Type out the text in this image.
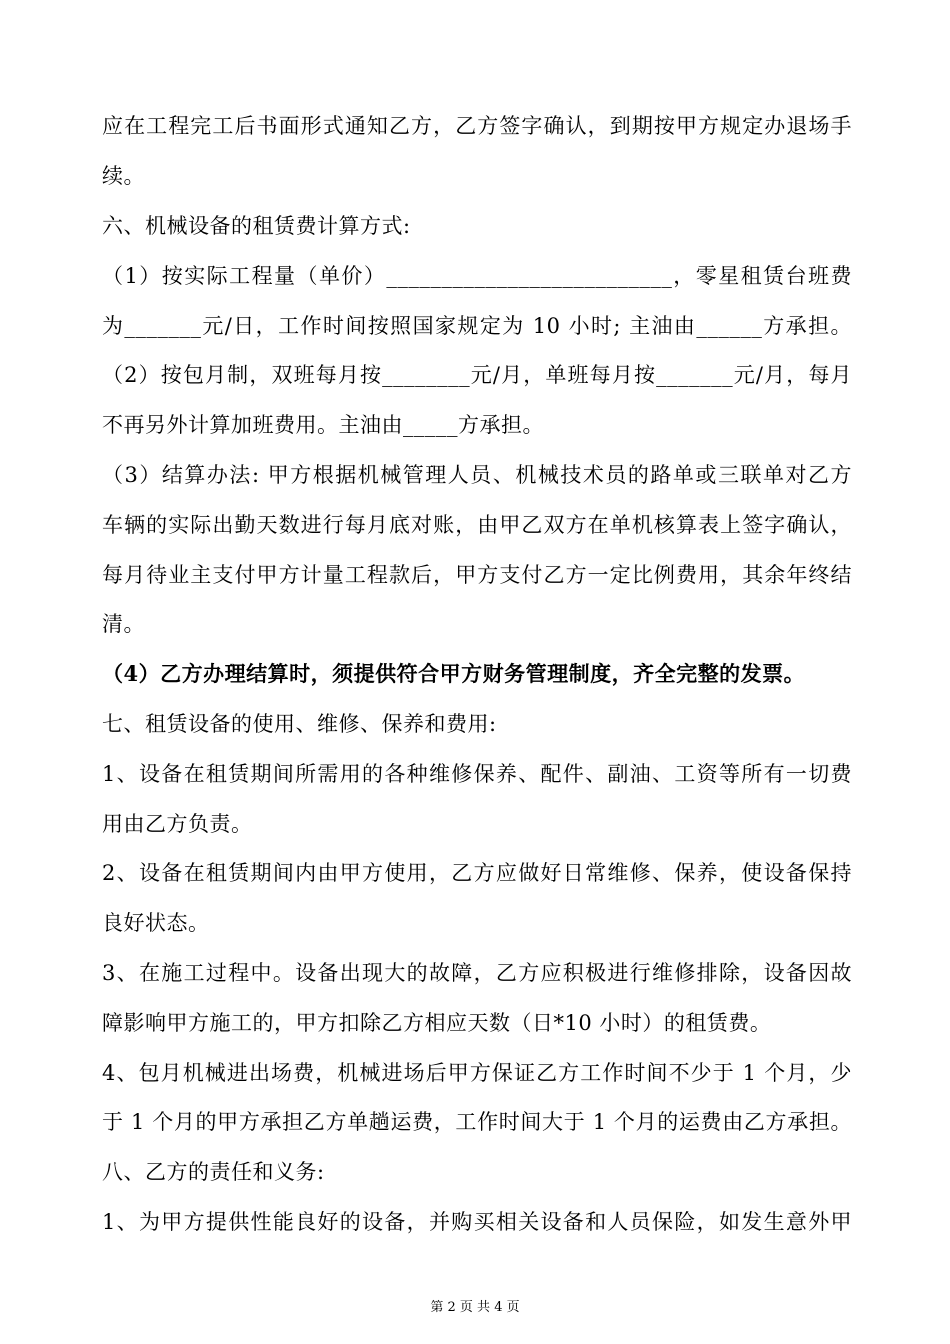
应在工程完工后书面形式通知乙方，乙方签字确认，到期按甲方规定办退场手
续。
六、机械设备的租赁费计算方式:
（1）按实际工程量（单价）__________________________，零星租赁台班费
为_______元/日，工作时间按照国家规定为 10 小时; 主油由______方承担。
（2）按包月制，双班每月按________元/月，单班每月按_______元/月，每月
不再另外计算加班费用。主油由_____方承担。
（3）结算办法: 甲方根据机械管理人员、机械技术员的路单或三联单对乙方
车辆的实际出勤天数进行每月底对账，由甲乙双方在单机核算表上签字确认，
每月待业主支付甲方计量工程款后，甲方支付乙方一定比例费用，其余年终结
清。
（4）乙方办理结算时，须提供符合甲方财务管理制度，齐全完整的发票。
七、租赁设备的使用、维修、保养和费用:
1、设备在租赁期间所需用的各种维修保养、配件、副油、工资等所有一切费
用由乙方负责。
2、设备在租赁期间内由甲方使用，乙方应做好日常维修、保养，使设备保持
良好状态。
3、在施工过程中。设备出现大的故障，乙方应积极进行维修排除，设备因故
障影响甲方施工的，甲方扣除乙方相应天数（日*10 小时）的租赁费。
4、包月机械进出场费，机械进场后甲方保证乙方工作时间不少于 1 个月，少
于 1 个月的甲方承担乙方单趟运费，工作时间大于 1 个月的运费由乙方承担。
八、乙方的责任和义务:
1、为甲方提供性能良好的设备，并购买相关设备和人员保险，如发生意外甲
第 2 页 共 4 页
